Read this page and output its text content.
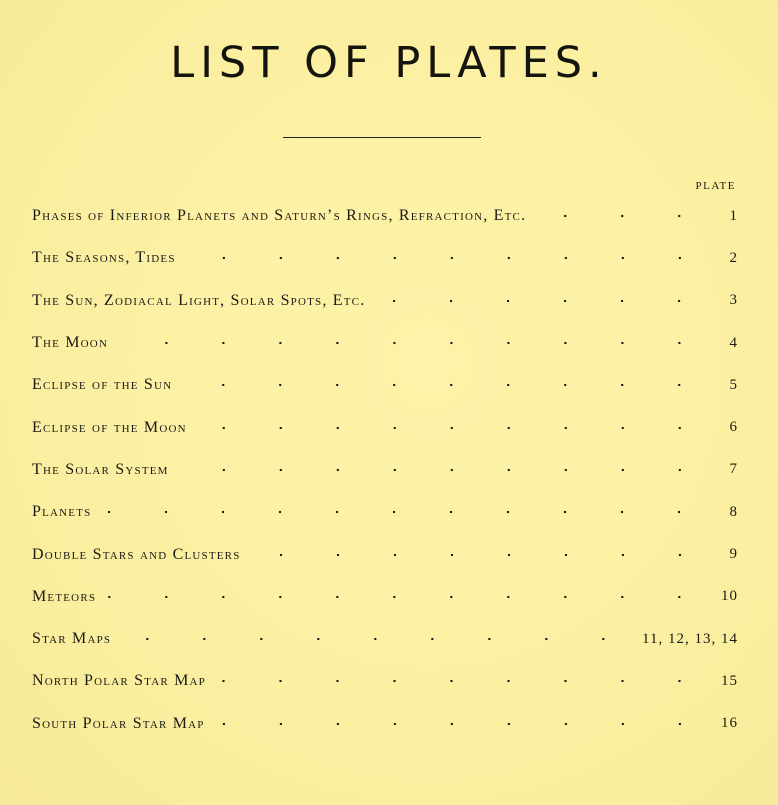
LIST OF PLATES.
PLATE
Phases of Inferior Planets and Saturn’s Rings, Refraction, Etc.	1
The Seasons, Tides	2
The Sun, Zodiacal Light, Solar Spots, Etc.	3
The Moon	4
Eclipse of the Sun	5
Eclipse of the Moon	6
The Solar System	7
Planets	8
Double Stars and Clusters	9
Meteors	10
Star Maps	11, 12, 13, 14
North Polar Star Map	15
South Polar Star Map	16
